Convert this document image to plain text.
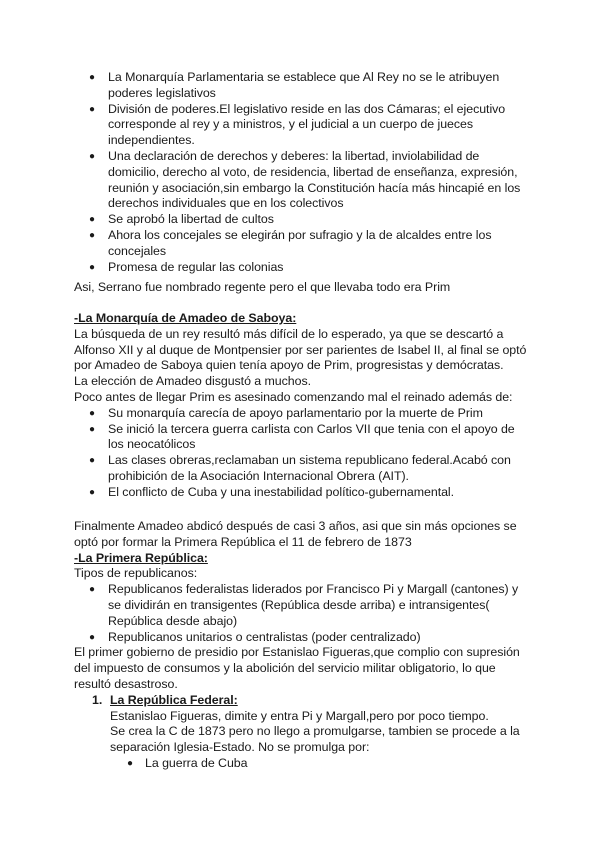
● La Monarquía Parlamentaria se establece que Al Rey no se le atribuyen
poderes legislativos
● División de poderes.El legislativo reside en las dos Cámaras; el ejecutivo
corresponde al rey y a ministros, y el judicial a un cuerpo de jueces
independientes.
● Una declaración de derechos y deberes: la libertad, inviolabilidad de
domicilio, derecho al voto, de residencia, libertad de enseñanza, expresión,
reunión y asociación,sin embargo la Constitución hacía más hincapié en los
derechos individuales que en los colectivos
● Se aprobó la libertad de cultos
● Ahora los concejales se elegirán por sufragio y la de alcaldes entre los
concejales
● Promesa de regular las colonias
Asi, Serrano fue nombrado regente pero el que llevaba todo era Prim
-La Monarquía de Amadeo de Saboya:
La búsqueda de un rey resultó más difícil de lo esperado, ya que se descartó a
Alfonso XII y al duque de Montpensier por ser parientes de Isabel II, al final se optó
por Amadeo de Saboya quien tenía apoyo de Prim, progresistas y demócratas.
La elección de Amadeo disgustó a muchos.
Poco antes de llegar Prim es asesinado comenzando mal el reinado además de:
● Su monarquía carecía de apoyo parlamentario por la muerte de Prim
● Se inició la tercera guerra carlista con Carlos VII que tenia con el apoyo de
los neocatólicos
● Las clases obreras,reclamaban un sistema republicano federal.Acabó con
prohibición de la Asociación Internacional Obrera (AIT).
● El conflicto de Cuba y una inestabilidad político-gubernamental.
Finalmente Amadeo abdicó después de casi 3 años, asi que sin más opciones se
optó por formar la Primera República el 11 de febrero de 1873
-La Primera República:
Tipos de republicanos:
● Republicanos federalistas liderados por Francisco Pi y Margall (cantones) y
se dividirán en transigentes (República desde arriba) e intransigentes(
República desde abajo)
● Republicanos unitarios o centralistas (poder centralizado)
El primer gobierno de presidio por Estanislao Figueras,que complio con supresión
del impuesto de consumos y la abolición del servicio militar obligatorio, lo que
resultó desastroso.
1. La República Federal:
Estanislao Figueras, dimite y entra Pi y Margall,pero por poco tiempo.
Se crea la C de 1873 pero no llego a promulgarse, tambien se procede a la
separación Iglesia-Estado. No se promulga por:
● La guerra de Cuba
